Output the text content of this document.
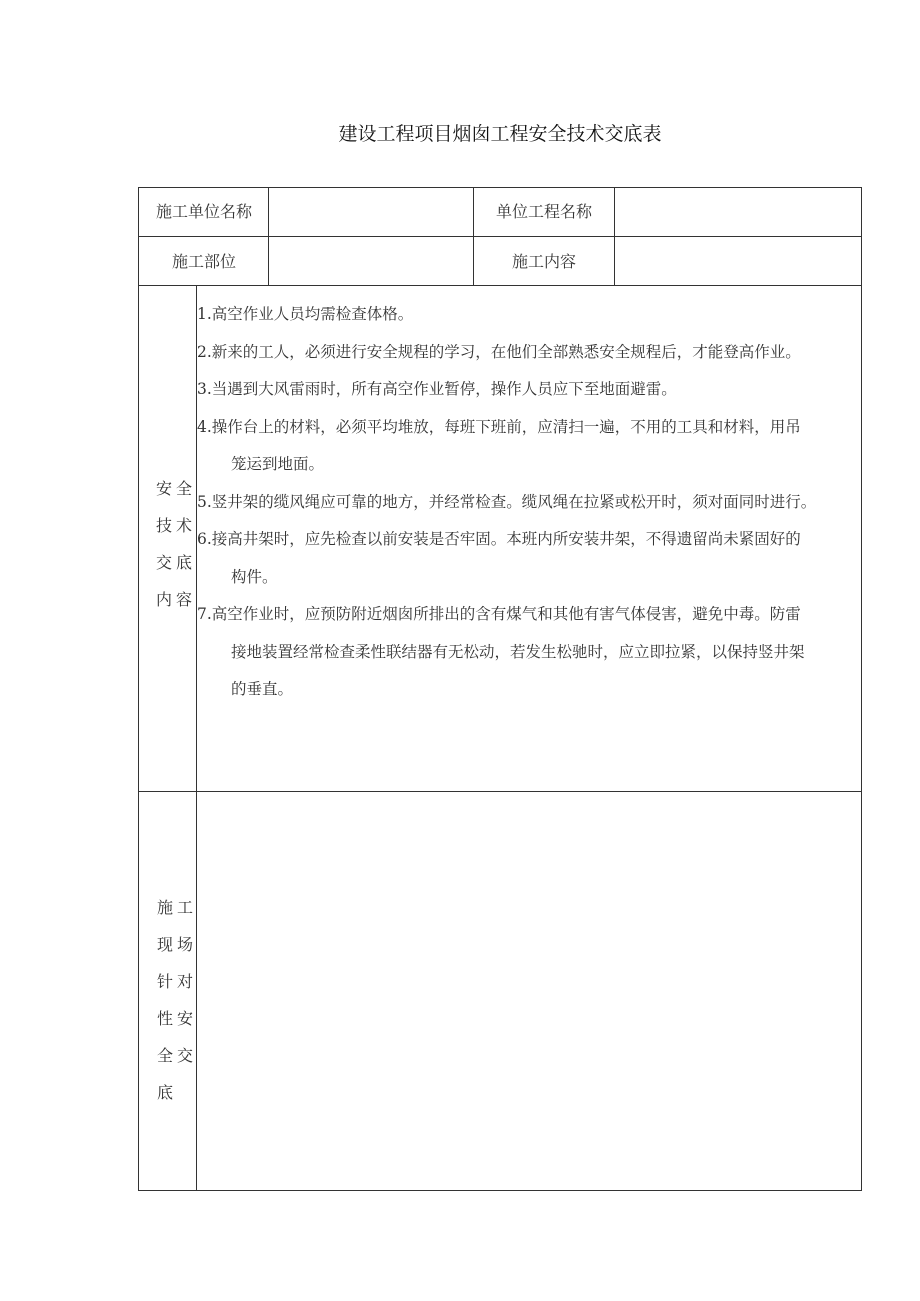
建设工程项目烟囱工程安全技术交底表
施工单位名称	单位工程名称
施工部位	施工内容
安全
技术
交底
内容
1.高空作业人员均需检查体格。
2.新来的工人，必须进行安全规程的学习，在他们全部熟悉安全规程后，才能登高作业。
3.当遇到大风雷雨时，所有高空作业暂停，操作人员应下至地面避雷。
4.操作台上的材料，必须平均堆放，每班下班前，应清扫一遍，不用的工具和材料，用吊
笼运到地面。
5.竖井架的缆风绳应可靠的地方，并经常检查。缆风绳在拉紧或松开时，须对面同时进行。
6.接高井架时，应先检查以前安装是否牢固。本班内所安装井架，不得遗留尚未紧固好的
构件。
7.高空作业时，应预防附近烟囱所排出的含有煤气和其他有害气体侵害，避免中毒。防雷
接地装置经常检查柔性联结器有无松动，若发生松驰时，应立即拉紧，以保持竖井架
的垂直。
施工
现场
针对
性安
全交
底
